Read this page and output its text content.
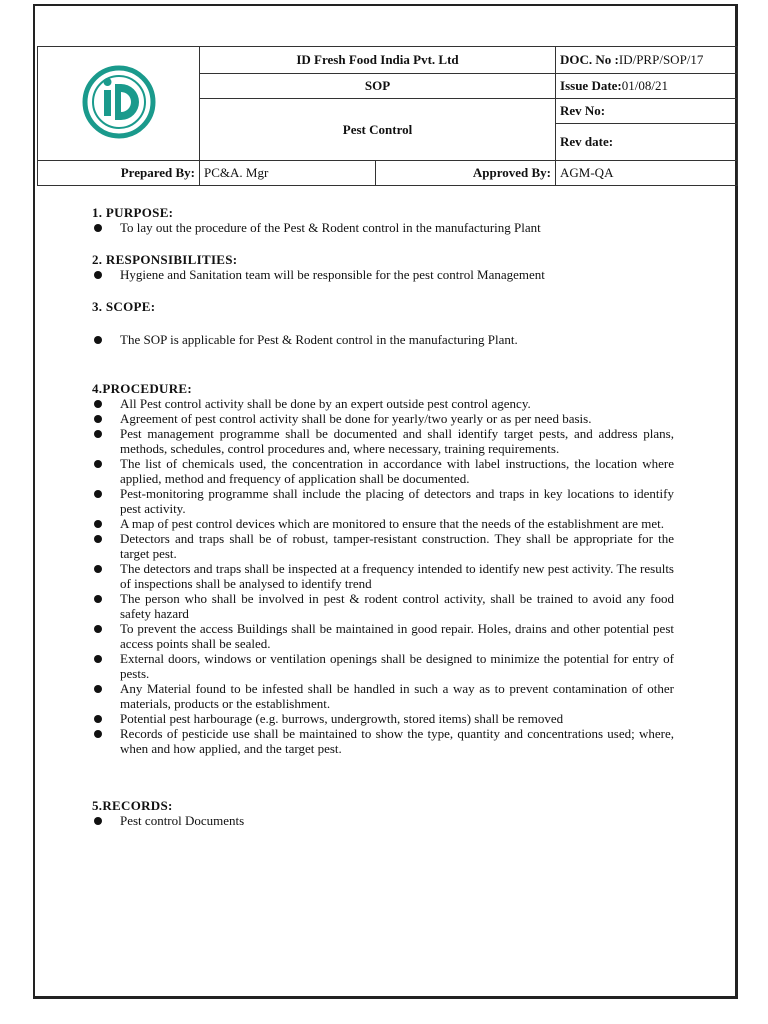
	ID Fresh Food India Pvt. Ltd		DOC. No :ID/PRP/SOP/17
	SOP		Issue Date:01/08/21
	Pest Control		Rev No:
			Rev date:
Prepared By:	PC&A. Mgr	Approved By:	AGM-QA
1. PURPOSE:
To lay out the procedure of the Pest & Rodent control in the manufacturing Plant
2. RESPONSIBILITIES:
Hygiene and Sanitation team will be responsible for the pest control Management
3. SCOPE:
The SOP is applicable for Pest & Rodent control in the manufacturing Plant.
4.PROCEDURE:
All Pest control activity shall be done by an expert outside pest control agency.
Agreement of pest control activity shall be done for yearly/two yearly or as per need basis.
Pest management programme shall be documented and shall identify target pests, and address plans, methods, schedules, control procedures and, where necessary, training requirements.
The list of chemicals used, the concentration in accordance with label instructions, the location where applied, method and frequency of application shall be documented.
Pest-monitoring programme shall include the placing of detectors and traps in key locations to identify pest activity.
A map of pest control devices which are monitored to ensure that the needs of the establishment are met.
Detectors and traps shall be of robust, tamper-resistant construction. They shall be appropriate for the target pest.
The detectors and traps shall be inspected at a frequency intended to identify new pest activity. The results of inspections shall be analysed to identify trend
The person who shall be involved in pest & rodent control activity, shall be trained to avoid any food safety hazard
To prevent the access Buildings shall be maintained in good repair. Holes, drains and other potential pest access points shall be sealed.
External doors, windows or ventilation openings shall be designed to minimize the potential for entry of pests.
Any Material found to be infested shall be handled in such a way as to prevent contamination of other materials, products or the establishment.
Potential pest harbourage (e.g. burrows, undergrowth, stored items) shall be removed
Records of pesticide use shall be maintained to show the type, quantity and concentrations used; where, when and how applied, and the target pest.
5.RECORDS:
Pest control Documents
